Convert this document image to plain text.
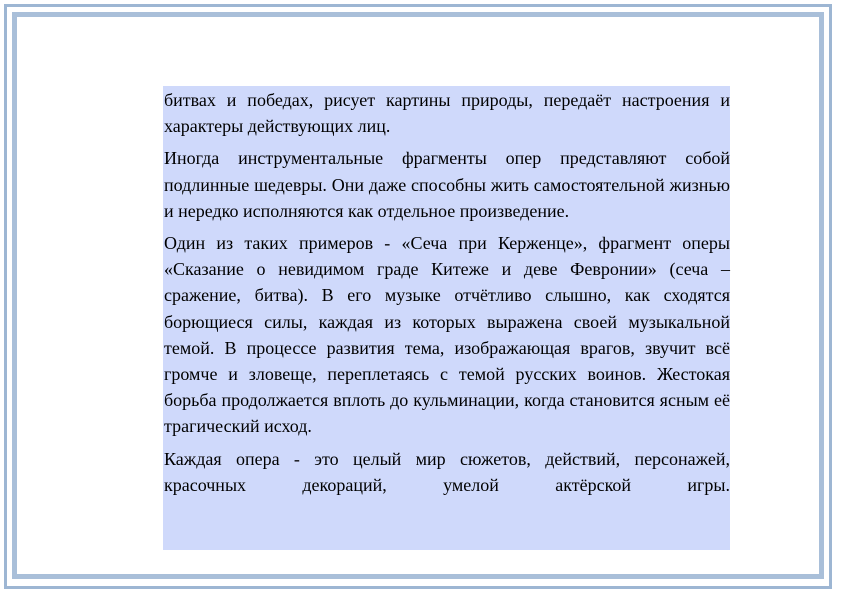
битвах и победах, рисует картины природы, передаёт настроения и характеры действующих лиц.

Иногда инструментальные фрагменты опер представляют собой подлинные шедевры. Они даже способны жить самостоятельной жизнью и нередко исполняются как отдельное произведение.

Один из таких примеров - «Сеча при Керженце», фрагмент оперы «Сказание о невидимом граде Китеже и деве Февронии» (сеча – сражение, битва). В его музыке отчётливо слышно, как сходятся борющиеся силы, каждая из которых выражена своей музыкальной темой. В процессе развития тема, изображающая врагов, звучит всё громче и зловеще, переплетаясь с темой русских воинов. Жестокая борьба продолжается вплоть до кульминации, когда становится ясным её трагический исход.

Каждая опера - это целый мир сюжетов, действий, персонажей, красочных декораций, умелой актёрской игры.
